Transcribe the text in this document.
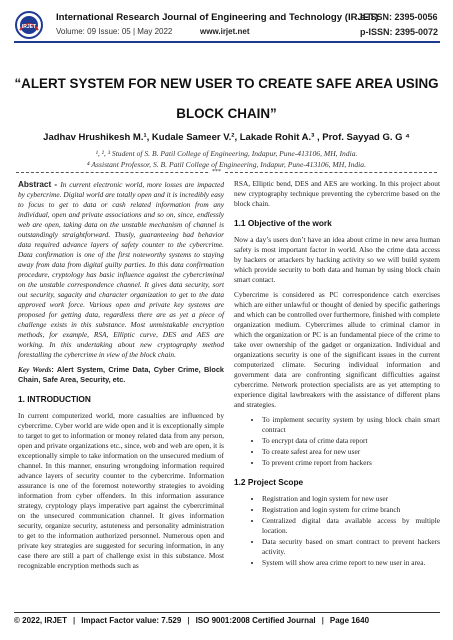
IRJET
International Research Journal of Engineering and Technology (IRJET)
e-ISSN: 2395-0056
Volume: 09 Issue: 05 | May 2022	www.irjet.net	p-ISSN: 2395-0072
“ALERT SYSTEM FOR NEW USER TO CREATE SAFE AREA USING
BLOCK CHAIN”
Jadhav Hrushikesh M.¹, Kudale Sameer V.², Lakade Rohit A.³ , Prof. Sayyad G. G ⁴
¹, ², ³ Student of S. B. Patil College of Engineering, Indapur, Pune-413106, MH, India.
⁴ Assistant Professor, S. B. Patil College of Engineering, Indapur, Pune-413106, MH, India.
***

Abstract - In current electronic world, more losses are impacted by cybercrime. Digital world are totally open and it is incredibly easy to focus to get to data or cash related information from any individual, open and private associations and so on, since, endlessly web are open, taking data on the unstable mechanism of channel is outstandingly straightforward. Thusly, guaranteeing bad behavior data required advance layers of safety counter to the cybercrime. Data confirmation is one of the first noteworthy systems to staying away from data from digital guilty parties. In this data confirmation procedure, cryptology has basic influence against the cybercriminal on the unstable correspondence channel. It gives data security, sort out security, sagacity and character organization to get to the data approved work force. Various open and private key systems are proposed for getting data, regardless there are as yet a piece of challenge exists in this substance. Most unmistakable encryption methods, for example, RSA, Elliptic curve, DES and AES are working. In this undertaking about new cryptography method forestalling the cybercrime in view of the block chain.

Key Words: Alert System, Crime Data, Cyber Crime, Block Chain, Safe Area, Security, etc.

1. INTRODUCTION

In current computerized world, more casualties are influenced by cybercrime. Cyber world are wide open and it is exceptionally simple to target to get to information or money related data from any person, open and private organizations etc., since, web and web are open, it is exceptionally simple to take information on the unsecured medium of channel. In this manner, ensuring wrongdoing information required advance layers of security counter to the cybercrime. Information assurance is one of the foremost noteworthy strategies to avoiding information from cyber offenders. In this information assurance strategy, cryptology plays imperative part against the cybercriminal on the unsecured communication channel. It gives information security, organize security, astuteness and personality administration to get to the information authorized personnel. Numerous open and private key strategies are suggested for securing information, in any case there are still a part of challenge exist in this substance. Most recognizable encryption methods such as

RSA, Elliptic bend, DES and AES are working. In this project about new cryptography technique preventing the cybercrime based on the block chain.

1.1 Objective of the work

Now a day’s users don’t have an idea about crime in new area human safety is most important factor in world. Also the crime data access by hackers or attackers by hacking activity so we will build system which provide security to both data and human by using block chain smart contact.

Cybercrime is considered as PC correspondence catch exercises which are either unlawful or thought of denied by specific gatherings and which can be controlled over furthermore, finished with complete organization medium. Cybercrimes allude to criminal clamor in which the organization or PC is an fundamental piece of the crime to take over ownership of the gadget or organization. Individual and organizations security is one of the significant issues in the current computerized climate. Securing individual information and government data are confronting significant difficulties against cybercrime. Network protection specialists are as yet attempting to experience digital lawbreakers with the assistance of different plans and strategies.

• To implement security system by using block chain smart contract
• To encrypt data of crime data report
• To create safest area for new user
• To prevent crime report from hackers
1.2 Project Scope
• Registration and login system for new user
• Registration and login system for crime branch
• Centralized digital data available access by multiple location.
• Data security based on smart contract to prevent hackers activity.
• System will show area crime report to new user in area.
© 2022, IRJET | Impact Factor value: 7.529 | ISO 9001:2008 Certified Journal | Page 1640
